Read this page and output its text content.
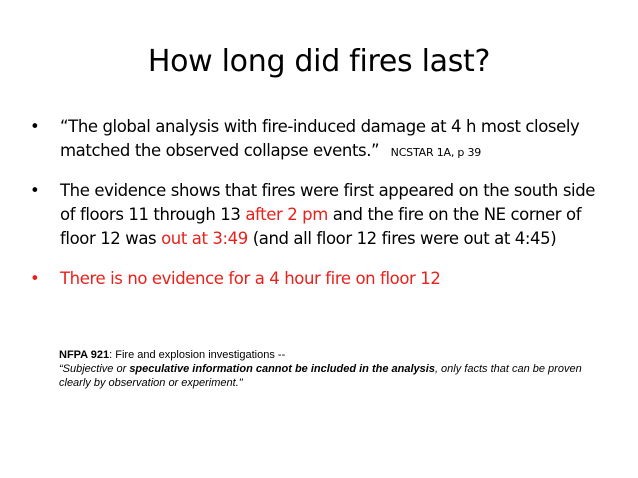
How long did fires last?
• “The global analysis with fire-induced damage at 4 h most closely matched the observed collapse events.” NCSTAR 1A, p 39
• The evidence shows that fires were first appeared on the south side of floors 11 through 13 after 2 pm and the fire on the NE corner of floor 12 was out at 3:49 (and all floor 12 fires were out at 4:45)
• There is no evidence for a 4 hour fire on floor 12
NFPA 921: Fire and explosion investigations --
“Subjective or speculative information cannot be included in the analysis, only facts that can be proven clearly by observation or experiment."
